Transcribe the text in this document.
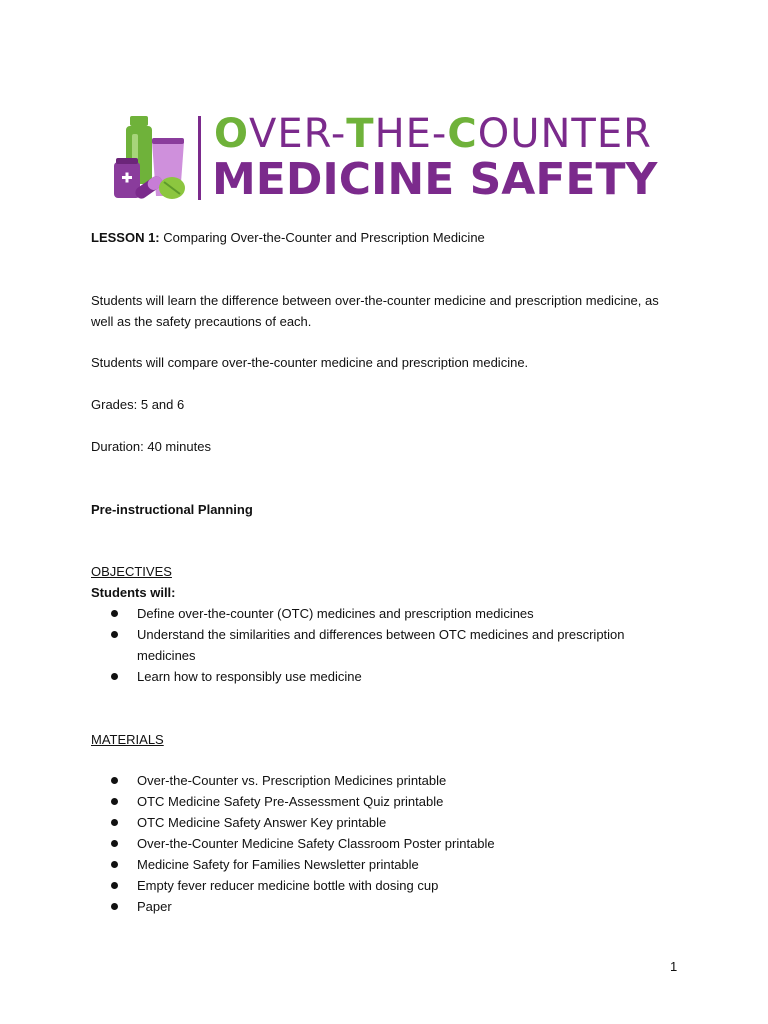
OVER-THE-COUNTER
MEDICINE SAFETY
LESSON 1: Comparing Over-the-Counter and Prescription Medicine
Students will learn the difference between over-the-counter medicine and prescription medicine, as
well as the safety precautions of each.
Students will compare over-the-counter medicine and prescription medicine.
Grades: 5 and 6
Duration: 40 minutes
Pre-instructional Planning
OBJECTIVES
Students will:
Define over-the-counter (OTC) medicines and prescription medicines
Understand the similarities and differences between OTC medicines and prescription
medicines
Learn how to responsibly use medicine
MATERIALS
Over-the-Counter vs. Prescription Medicines printable
OTC Medicine Safety Pre-Assessment Quiz printable
OTC Medicine Safety Answer Key printable
Over-the-Counter Medicine Safety Classroom Poster printable
Medicine Safety for Families Newsletter printable
Empty fever reducer medicine bottle with dosing cup
Paper
1
